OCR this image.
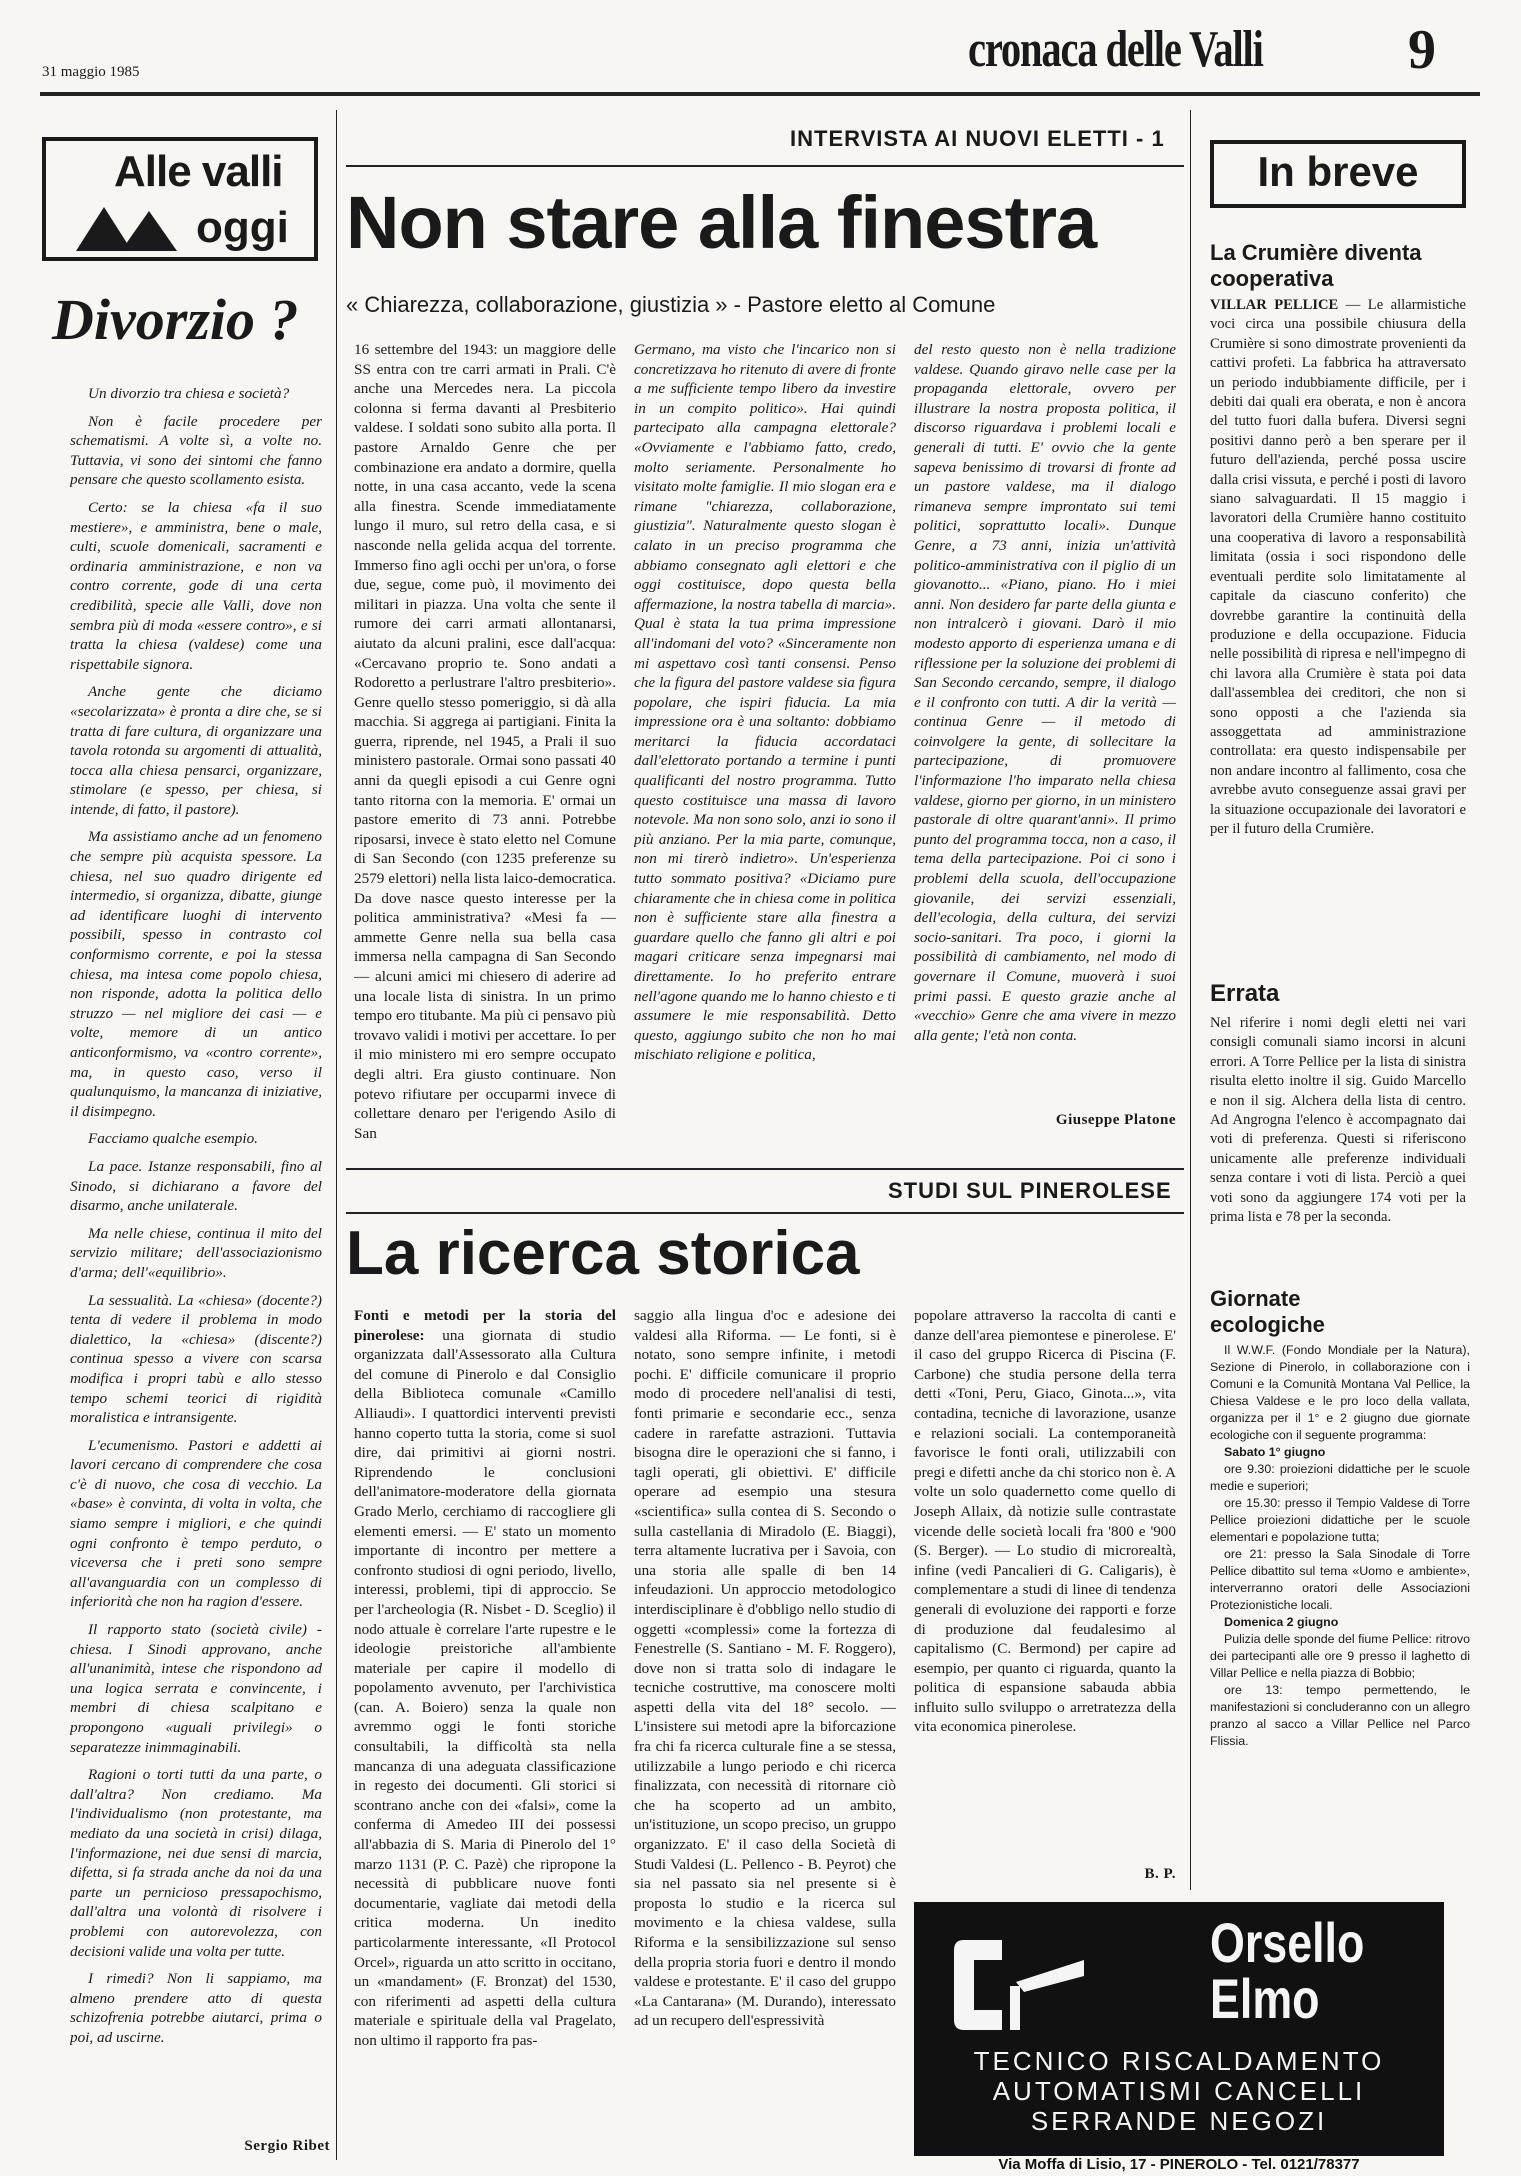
31 maggio 1985	cronaca delle Valli	9
Alle valli
oggi
Divorzio ?

Un divorzio tra chiesa e società?

Non è facile procedere per schematismi. A volte sì, a volte no. Tuttavia, vi sono dei sintomi che fanno pensare che questo scollamento esista.

Certo: se la chiesa «fa il suo mestiere», e amministra, bene o male, culti, scuole domenicali, sacramenti e ordinaria amministrazione, e non va contro corrente, gode di una certa credibilità, specie alle Valli, dove non sembra più di moda «essere contro», e si tratta la chiesa (valdese) come una rispettabile signora.

Anche gente che diciamo «secolarizzata» è pronta a dire che, se si tratta di fare cultura, di organizzare una tavola rotonda su argomenti di attualità, tocca alla chiesa pensarci, organizzare, stimolare (e spesso, per chiesa, si intende, di fatto, il pastore).

Ma assistiamo anche ad un fenomeno che sempre più acquista spessore. La chiesa, nel suo quadro dirigente ed intermedio, si organizza, dibatte, giunge ad identificare luoghi di intervento possibili, spesso in contrasto col conformismo corrente, e poi la stessa chiesa, ma intesa come popolo chiesa, non risponde, adotta la politica dello struzzo — nel migliore dei casi — e volte, memore di un antico anticonformismo, va «contro corrente», ma, in questo caso, verso il qualunquismo, la mancanza di iniziative, il disimpegno.

Facciamo qualche esempio.

La pace. Istanze responsabili, fino al Sinodo, si dichiarano a favore del disarmo, anche unilaterale.

Ma nelle chiese, continua il mito del servizio militare; dell'associazionismo d'arma; dell'«equilibrio».

La sessualità. La «chiesa» (docente?) tenta di vedere il problema in modo dialettico, la «chiesa» (discente?) continua spesso a vivere con scarsa modifica i propri tabù e allo stesso tempo schemi teorici di rigidità moralistica e intransigente.

L'ecumenismo. Pastori e addetti ai lavori cercano di comprendere che cosa c'è di nuovo, che cosa di vecchio. La «base» è convinta, di volta in volta, che siamo sempre i migliori, e che quindi ogni confronto è tempo perduto, o viceversa che i preti sono sempre all'avanguardia con un complesso di inferiorità che non ha ragion d'essere.

Il rapporto stato (società civile) - chiesa. I Sinodi approvano, anche all'unanimità, intese che rispondono ad una logica serrata e convincente, i membri di chiesa scalpitano e propongono «uguali privilegi» o separatezze inimmaginabili.

Ragioni o torti tutti da una parte, o dall'altra? Non crediamo. Ma l'individualismo (non protestante, ma mediato da una società in crisi) dilaga, l'informazione, nei due sensi di marcia, difetta, si fa strada anche da noi da una parte un pernicioso pressapochismo, dall'altra una volontà di risolvere i problemi con autorevolezza, con decisioni valide una volta per tutte.

I rimedi? Non li sappiamo, ma almeno prendere atto di questa schizofrenia potrebbe aiutarci, prima o poi, ad uscirne.

Sergio Ribet
INTERVISTA AI NUOVI ELETTI - 1
Non stare alla finestra
« Chiarezza, collaborazione, giustizia » - Pastore eletto al Comune
16 settembre del 1943: un maggiore delle SS entra con tre carri armati in Prali. C'è anche una Mercedes nera. La piccola colonna si ferma davanti al Presbiterio valdese. I soldati sono subito alla porta. Il pastore Arnaldo Genre che per combinazione era andato a dormire, quella notte, in una casa accanto, vede la scena alla finestra. Scende immediatamente lungo il muro, sul retro della casa, e si nasconde nella gelida acqua del torrente. Immerso fino agli occhi per un'ora, o forse due, segue, come può, il movimento dei militari in piazza. Una volta che sente il rumore dei carri armati allontanarsi, aiutato da alcuni pralini, esce dall'acqua: «Cercavano proprio te. Sono andati a Rodoretto a perlustrare l'altro presbiterio». Genre quello stesso pomeriggio, si dà alla macchia. Si aggrega ai partigiani. Finita la guerra, riprende, nel 1945, a Prali il suo ministero pastorale. Ormai sono passati 40 anni da quegli episodi a cui Genre ogni tanto ritorna con la memoria. E' ormai un pastore emerito di 73 anni. Potrebbe riposarsi, invece è stato eletto nel Comune di San Secondo (con 1235 preferenze su 2579 elettori) nella lista laico-democratica. Da dove nasce questo interesse per la politica amministrativa? «Mesi fa — ammette Genre nella sua bella casa immersa nella campagna di San Secondo — alcuni amici mi chiesero di aderire ad una locale lista di sinistra. In un primo tempo ero titubante. Ma più ci pensavo più trovavo validi i motivi per accettare. Io per il mio ministero mi ero sempre occupato degli altri. Era giusto continuare. Non potevo rifiutare per occuparmi invece di collettare denaro per l'erigendo Asilo di San
Germano, ma visto che l'incarico non si concretizzava ho ritenuto di avere di fronte a me sufficiente tempo libero da investire in un compito politico». Hai quindi partecipato alla campagna elettorale? «Ovviamente e l'abbiamo fatto, credo, molto seriamente. Personalmente ho visitato molte famiglie. Il mio slogan era e rimane "chiarezza, collaborazione, giustizia". Naturalmente questo slogan è calato in un preciso programma che abbiamo consegnato agli elettori e che oggi costituisce, dopo questa bella affermazione, la nostra tabella di marcia». Qual è stata la tua prima impressione all'indomani del voto? «Sinceramente non mi aspettavo così tanti consensi. Penso che la figura del pastore valdese sia figura popolare, che ispiri fiducia. La mia impressione ora è una soltanto: dobbiamo meritarci la fiducia accordataci dall'elettorato portando a termine i punti qualificanti del nostro programma. Tutto questo costituisce una massa di lavoro notevole. Ma non sono solo, anzi io sono il più anziano. Per la mia parte, comunque, non mi tirerò indietro». Un'esperienza tutto sommato positiva? «Diciamo pure chiaramente che in chiesa come in politica non è sufficiente stare alla finestra a guardare quello che fanno gli altri e poi magari criticare senza impegnarsi mai direttamente. Io ho preferito entrare nell'agone quando me lo hanno chiesto e ti assumere le mie responsabilità. Detto questo, aggiungo subito che non ho mai mischiato religione e politica,
del resto questo non è nella tradizione valdese. Quando giravo nelle case per la propaganda elettorale, ovvero per illustrare la nostra proposta politica, il discorso riguardava i problemi locali e generali di tutti. E' ovvio che la gente sapeva benissimo di trovarsi di fronte ad un pastore valdese, ma il dialogo rimaneva sempre improntato sui temi politici, soprattutto locali». Dunque Genre, a 73 anni, inizia un'attività politico-amministrativa con il piglio di un giovanotto... «Piano, piano. Ho i miei anni. Non desidero far parte della giunta e non intralcerò i giovani. Darò il mio modesto apporto di esperienza umana e di riflessione per la soluzione dei problemi di San Secondo cercando, sempre, il dialogo e il confronto con tutti. A dir la verità — continua Genre — il metodo di coinvolgere la gente, di sollecitare la partecipazione, di promuovere l'informazione l'ho imparato nella chiesa valdese, giorno per giorno, in un ministero pastorale di oltre quarant'anni». Il primo punto del programma tocca, non a caso, il tema della partecipazione. Poi ci sono i problemi della scuola, dell'occupazione giovanile, dei servizi essenziali, dell'ecologia, della cultura, dei servizi socio-sanitari. Tra poco, i giorni la possibilità di cambiamento, nel modo di governare il Comune, muoverà i suoi primi passi. E questo grazie anche al «vecchio» Genre che ama vivere in mezzo alla gente; l'età non conta.
Giuseppe Platone
STUDI SUL PINEROLESE
La ricerca storica
Fonti e metodi per la storia del pinerolese: una giornata di studio organizzata dall'Assessorato alla Cultura del comune di Pinerolo e dal Consiglio della Biblioteca comunale «Camillo Alliaudi». I quattordici interventi previsti hanno coperto tutta la storia, come si suol dire, dai primitivi ai giorni nostri. Riprendendo le conclusioni dell'animatore-moderatore della giornata Grado Merlo, cerchiamo di raccogliere gli elementi emersi. — E' stato un momento importante di incontro per mettere a confronto studiosi di ogni periodo, livello, interessi, problemi, tipi di approccio. Se per l'archeologia (R. Nisbet - D. Sceglio) il nodo attuale è correlare l'arte rupestre e le ideologie preistoriche all'ambiente materiale per capire il modello di popolamento avvenuto, per l'archivistica (can. A. Boiero) senza la quale non avremmo oggi le fonti storiche consultabili, la difficoltà sta nella mancanza di una adeguata classificazione in regesto dei documenti. Gli storici si scontrano anche con dei «falsi», come la conferma di Amedeo III dei possessi all'abbazia di S. Maria di Pinerolo del 1° marzo 1131 (P. C. Pazè) che ripropone la necessità di pubblicare nuove fonti documentarie, vagliate dai metodi della critica moderna. Un inedito particolarmente interessante, «Il Protocol Orcel», riguarda un atto scritto in occitano, un «mandament» (F. Bronzat) del 1530, con riferimenti ad aspetti della cultura materiale e spirituale della val Pragelato, non ultimo il rapporto fra pas-
saggio alla lingua d'oc e adesione dei valdesi alla Riforma. — Le fonti, si è notato, sono sempre infinite, i metodi pochi. E' difficile comunicare il proprio modo di procedere nell'analisi di testi, fonti primarie e secondarie ecc., senza cadere in rarefatte astrazioni. Tuttavia bisogna dire le operazioni che si fanno, i tagli operati, gli obiettivi. E' difficile operare ad esempio una stesura «scientifica» sulla contea di S. Secondo o sulla castellania di Miradolo (E. Biaggi), terra altamente lucrativa per i Savoia, con una storia alle spalle di ben 14 infeudazioni. Un approccio metodologico interdisciplinare è d'obbligo nello studio di oggetti «complessi» come la fortezza di Fenestrelle (S. Santiano - M. F. Roggero), dove non si tratta solo di indagare le tecniche costruttive, ma conoscere molti aspetti della vita del 18° secolo. — L'insistere sui metodi apre la biforcazione fra chi fa ricerca culturale fine a se stessa, utilizzabile a lungo periodo e chi ricerca finalizzata, con necessità di ritornare ciò che ha scoperto ad un ambito, un'istituzione, un scopo preciso, un gruppo organizzato. E' il caso della Società di Studi Valdesi (L. Pellenco - B. Peyrot) che sia nel passato sia nel presente si è proposta lo studio e la ricerca sul movimento e la chiesa valdese, sulla Riforma e la sensibilizzazione sul senso della propria storia fuori e dentro il mondo valdese e protestante. E' il caso del gruppo «La Cantarana» (M. Durando), interessato ad un recupero dell'espressività
popolare attraverso la raccolta di canti e danze dell'area piemontese e pinerolese. E' il caso del gruppo Ricerca di Piscina (F. Carbone) che studia persone della terra detti «Toni, Peru, Giaco, Ginota...», vita contadina, tecniche di lavorazione, usanze e relazioni sociali. La contemporaneità favorisce le fonti orali, utilizzabili con pregi e difetti anche da chi storico non è. A volte un solo quadernetto come quello di Joseph Allaix, dà notizie sulle contrastate vicende delle società locali fra '800 e '900 (S. Berger). — Lo studio di microrealtà, infine (vedi Pancalieri di G. Caligaris), è complementare a studi di linee di tendenza generali di evoluzione dei rapporti e forze di produzione dal feudalesimo al capitalismo (C. Bermond) per capire ad esempio, per quanto ci riguarda, quanto la politica di espansione sabauda abbia influito sullo sviluppo o arretratezza della vita economica pinerolese.
B. P.
Orsello
Elmo
TECNICO RISCALDAMENTO
AUTOMATISMI CANCELLI
SERRANDE NEGOZI
Via Moffa di Lisio, 17 - PINEROLO - Tel. 0121/78377
In breve
La Crumière diventa cooperativa
VILLAR PELLICE — Le allarmistiche voci circa una possibile chiusura della Crumière si sono dimostrate provenienti da cattivi profeti. La fabbrica ha attraversato un periodo indubbiamente difficile, per i debiti dai quali era oberata, e non è ancora del tutto fuori dalla bufera. Diversi segni positivi danno però a ben sperare per il futuro dell'azienda, perché possa uscire dalla crisi vissuta, e perché i posti di lavoro siano salvaguardati. Il 15 maggio i lavoratori della Crumière hanno costituito una cooperativa di lavoro a responsabilità limitata (ossia i soci rispondono delle eventuali perdite solo limitatamente al capitale da ciascuno conferito) che dovrebbe garantire la continuità della produzione e della occupazione. Fiducia nelle possibilità di ripresa e nell'impegno di chi lavora alla Crumière è stata poi data dall'assemblea dei creditori, che non si sono opposti a che l'azienda sia assoggettata ad amministrazione controllata: era questo indispensabile per non andare incontro al fallimento, cosa che avrebbe avuto conseguenze assai gravi per la situazione occupazionale dei lavoratori e per il futuro della Crumière.
Errata
Nel riferire i nomi degli eletti nei vari consigli comunali siamo incorsi in alcuni errori. A Torre Pellice per la lista di sinistra risulta eletto inoltre il sig. Guido Marcello e non il sig. Alchera della lista di centro. Ad Angrogna l'elenco è accompagnato dai voti di preferenza. Questi si riferiscono unicamente alle preferenze individuali senza contare i voti di lista. Perciò a quei voti sono da aggiungere 174 voti per la prima lista e 78 per la seconda.
Giornate ecologiche

Il W.W.F. (Fondo Mondiale per la Natura), Sezione di Pinerolo, in collaborazione con i Comuni e la Comunità Montana Val Pellice, la Chiesa Valdese e le pro loco della vallata, organizza per il 1° e 2 giugno due giornate ecologiche con il seguente programma:

Sabato 1° giugno

ore 9.30: proiezioni didattiche per le scuole medie e superiori;

ore 15.30: presso il Tempio Valdese di Torre Pellice proiezioni didattiche per le scuole elementari e popolazione tutta;

ore 21: presso la Sala Sinodale di Torre Pellice dibattito sul tema «Uomo e ambiente», interverranno oratori delle Associazioni Protezionistiche locali.

Domenica 2 giugno

Pulizia delle sponde del fiume Pellice: ritrovo dei partecipanti alle ore 9 presso il laghetto di Villar Pellice e nella piazza di Bobbio;

ore 13: tempo permettendo, le manifestazioni si concluderanno con un allegro pranzo al sacco a Villar Pellice nel Parco Flissia.
